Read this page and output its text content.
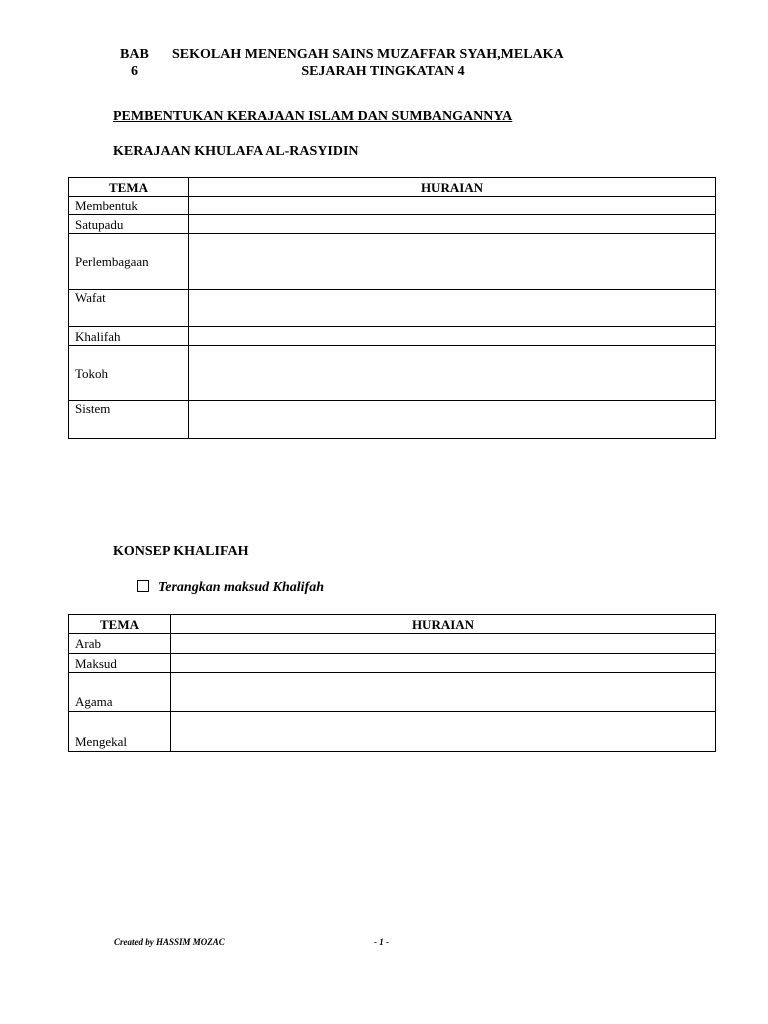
BAB
6
SEKOLAH MENENGAH SAINS MUZAFFAR SYAH,MELAKA
SEJARAH TINGKATAN 4
PEMBENTUKAN KERAJAAN ISLAM DAN SUMBANGANNYA
KERAJAAN KHULAFA AL-RASYIDIN
TEMA	HURAIAN
Membentuk	
Satupadu	
Perlembagaan	
Wafat	
Khalifah	
Tokoh	
Sistem	
KONSEP KHALIFAH
Terangkan maksud Khalifah
TEMA	HURAIAN
Arab	
Maksud	
Agama	
Mengekal	
Created by HASSIM MOZAC	- 1 -
